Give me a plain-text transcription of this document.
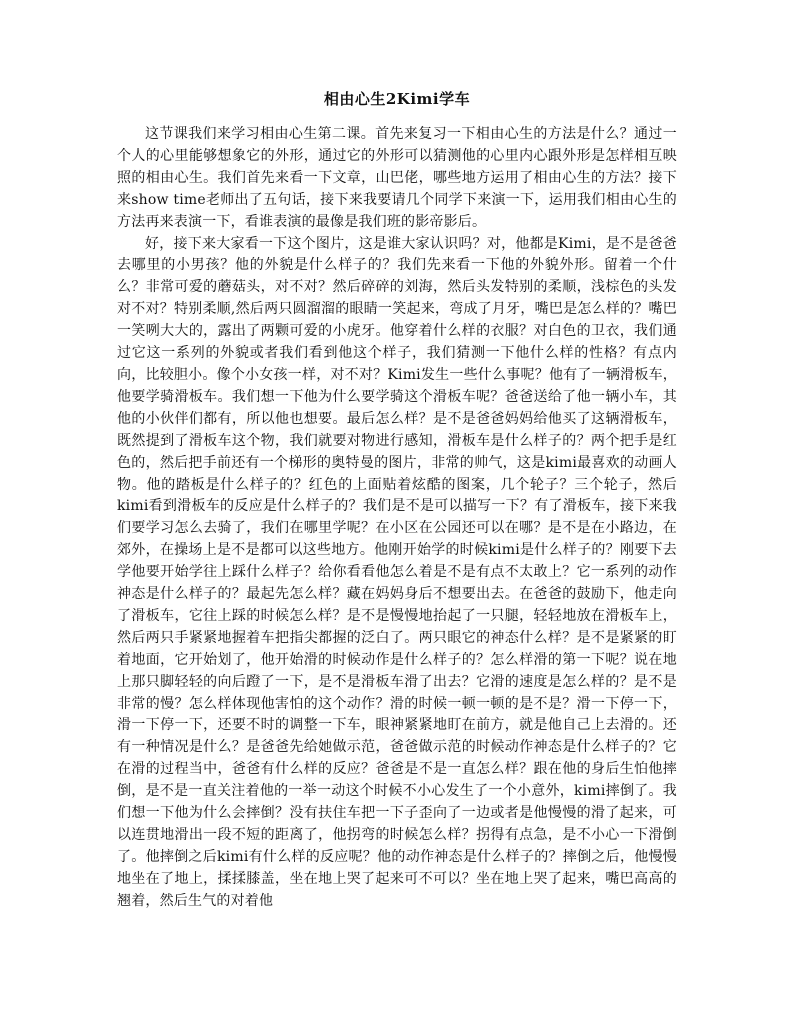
相由心生2Kimi学车

这节课我们来学习相由心生第二课。首先来复习一下相由心生的方法是什么？通过一个人的心里能够想象它的外形，通过它的外形可以猜测他的心里内心跟外形是怎样相互映照的相由心生。我们首先来看一下文章，山巴佬，哪些地方运用了相由心生的方法？接下来show time老师出了五句话，接下来我要请几个同学下来演一下，运用我们相由心生的方法再来表演一下，看谁表演的最像是我们班的影帝影后。

好，接下来大家看一下这个图片，这是谁大家认识吗？对，他都是Kimi，是不是爸爸去哪里的小男孩？他的外貌是什么样子的？我们先来看一下他的外貌外形。留着一个什么？非常可爱的蘑菇头，对不对？然后碎碎的刘海，然后头发特别的柔顺，浅棕色的头发对不对？特别柔顺,然后两只圆溜溜的眼睛一笑起来，弯成了月牙，嘴巴是怎么样的？嘴巴一笑咧大大的，露出了两颗可爱的小虎牙。他穿着什么样的衣服？对白色的卫衣，我们通过它这一系列的外貌或者我们看到他这个样子，我们猜测一下他什么样的性格？有点内向，比较胆小。像个小女孩一样，对不对？Kimi发生一些什么事呢？他有了一辆滑板车，他要学骑滑板车。我们想一下他为什么要学骑这个滑板车呢？爸爸送给了他一辆小车，其他的小伙伴们都有，所以他也想要。最后怎么样？是不是爸爸妈妈给他买了这辆滑板车，既然提到了滑板车这个物，我们就要对物进行感知，滑板车是什么样子的？两个把手是红色的，然后把手前还有一个梯形的奥特曼的图片，非常的帅气，这是kimi最喜欢的动画人物。他的踏板是什么样子的？红色的上面贴着炫酷的图案，几个轮子？三个轮子，然后kimi看到滑板车的反应是什么样子的？我们是不是可以描写一下？有了滑板车，接下来我们要学习怎么去骑了，我们在哪里学呢？在小区在公园还可以在哪？是不是在小路边，在郊外，在操场上是不是都可以这些地方。他刚开始学的时候kimi是什么样子的？刚要下去学他要开始学往上踩什么样子？给你看看他怎么着是不是有点不太敢上？它一系列的动作神态是什么样子的？最起先怎么样？藏在妈妈身后不想要出去。在爸爸的鼓励下，他走向了滑板车，它往上踩的时候怎么样？是不是慢慢地抬起了一只腿，轻轻地放在滑板车上，然后两只手紧紧地握着车把指尖都握的泛白了。两只眼它的神态什么样？是不是紧紧的盯着地面，它开始划了，他开始滑的时候动作是什么样子的？怎么样滑的第一下呢？说在地上那只脚轻轻的向后蹬了一下，是不是滑板车滑了出去？它滑的速度是怎么样的？是不是非常的慢？怎么样体现他害怕的这个动作？滑的时候一顿一顿的是不是？滑一下停一下，滑一下停一下，还要不时的调整一下车，眼神紧紧地盯在前方，就是他自己上去滑的。还有一种情况是什么？是爸爸先给她做示范，爸爸做示范的时候动作神态是什么样子的？它在滑的过程当中，爸爸有什么样的反应？爸爸是不是一直怎么样？跟在他的身后生怕他摔倒，是不是一直关注着他的一举一动这个时候不小心发生了一个小意外，kimi摔倒了。我们想一下他为什么会摔倒？没有扶住车把一下子歪向了一边或者是他慢慢的滑了起来，可以连贯地滑出一段不短的距离了，他拐弯的时候怎么样？拐得有点急，是不小心一下滑倒了。他摔倒之后kimi有什么样的反应呢？他的动作神态是什么样子的？摔倒之后，他慢慢地坐在了地上，揉揉膝盖，坐在地上哭了起来可不可以？坐在地上哭了起来，嘴巴高高的翘着，然后生气的对着他
